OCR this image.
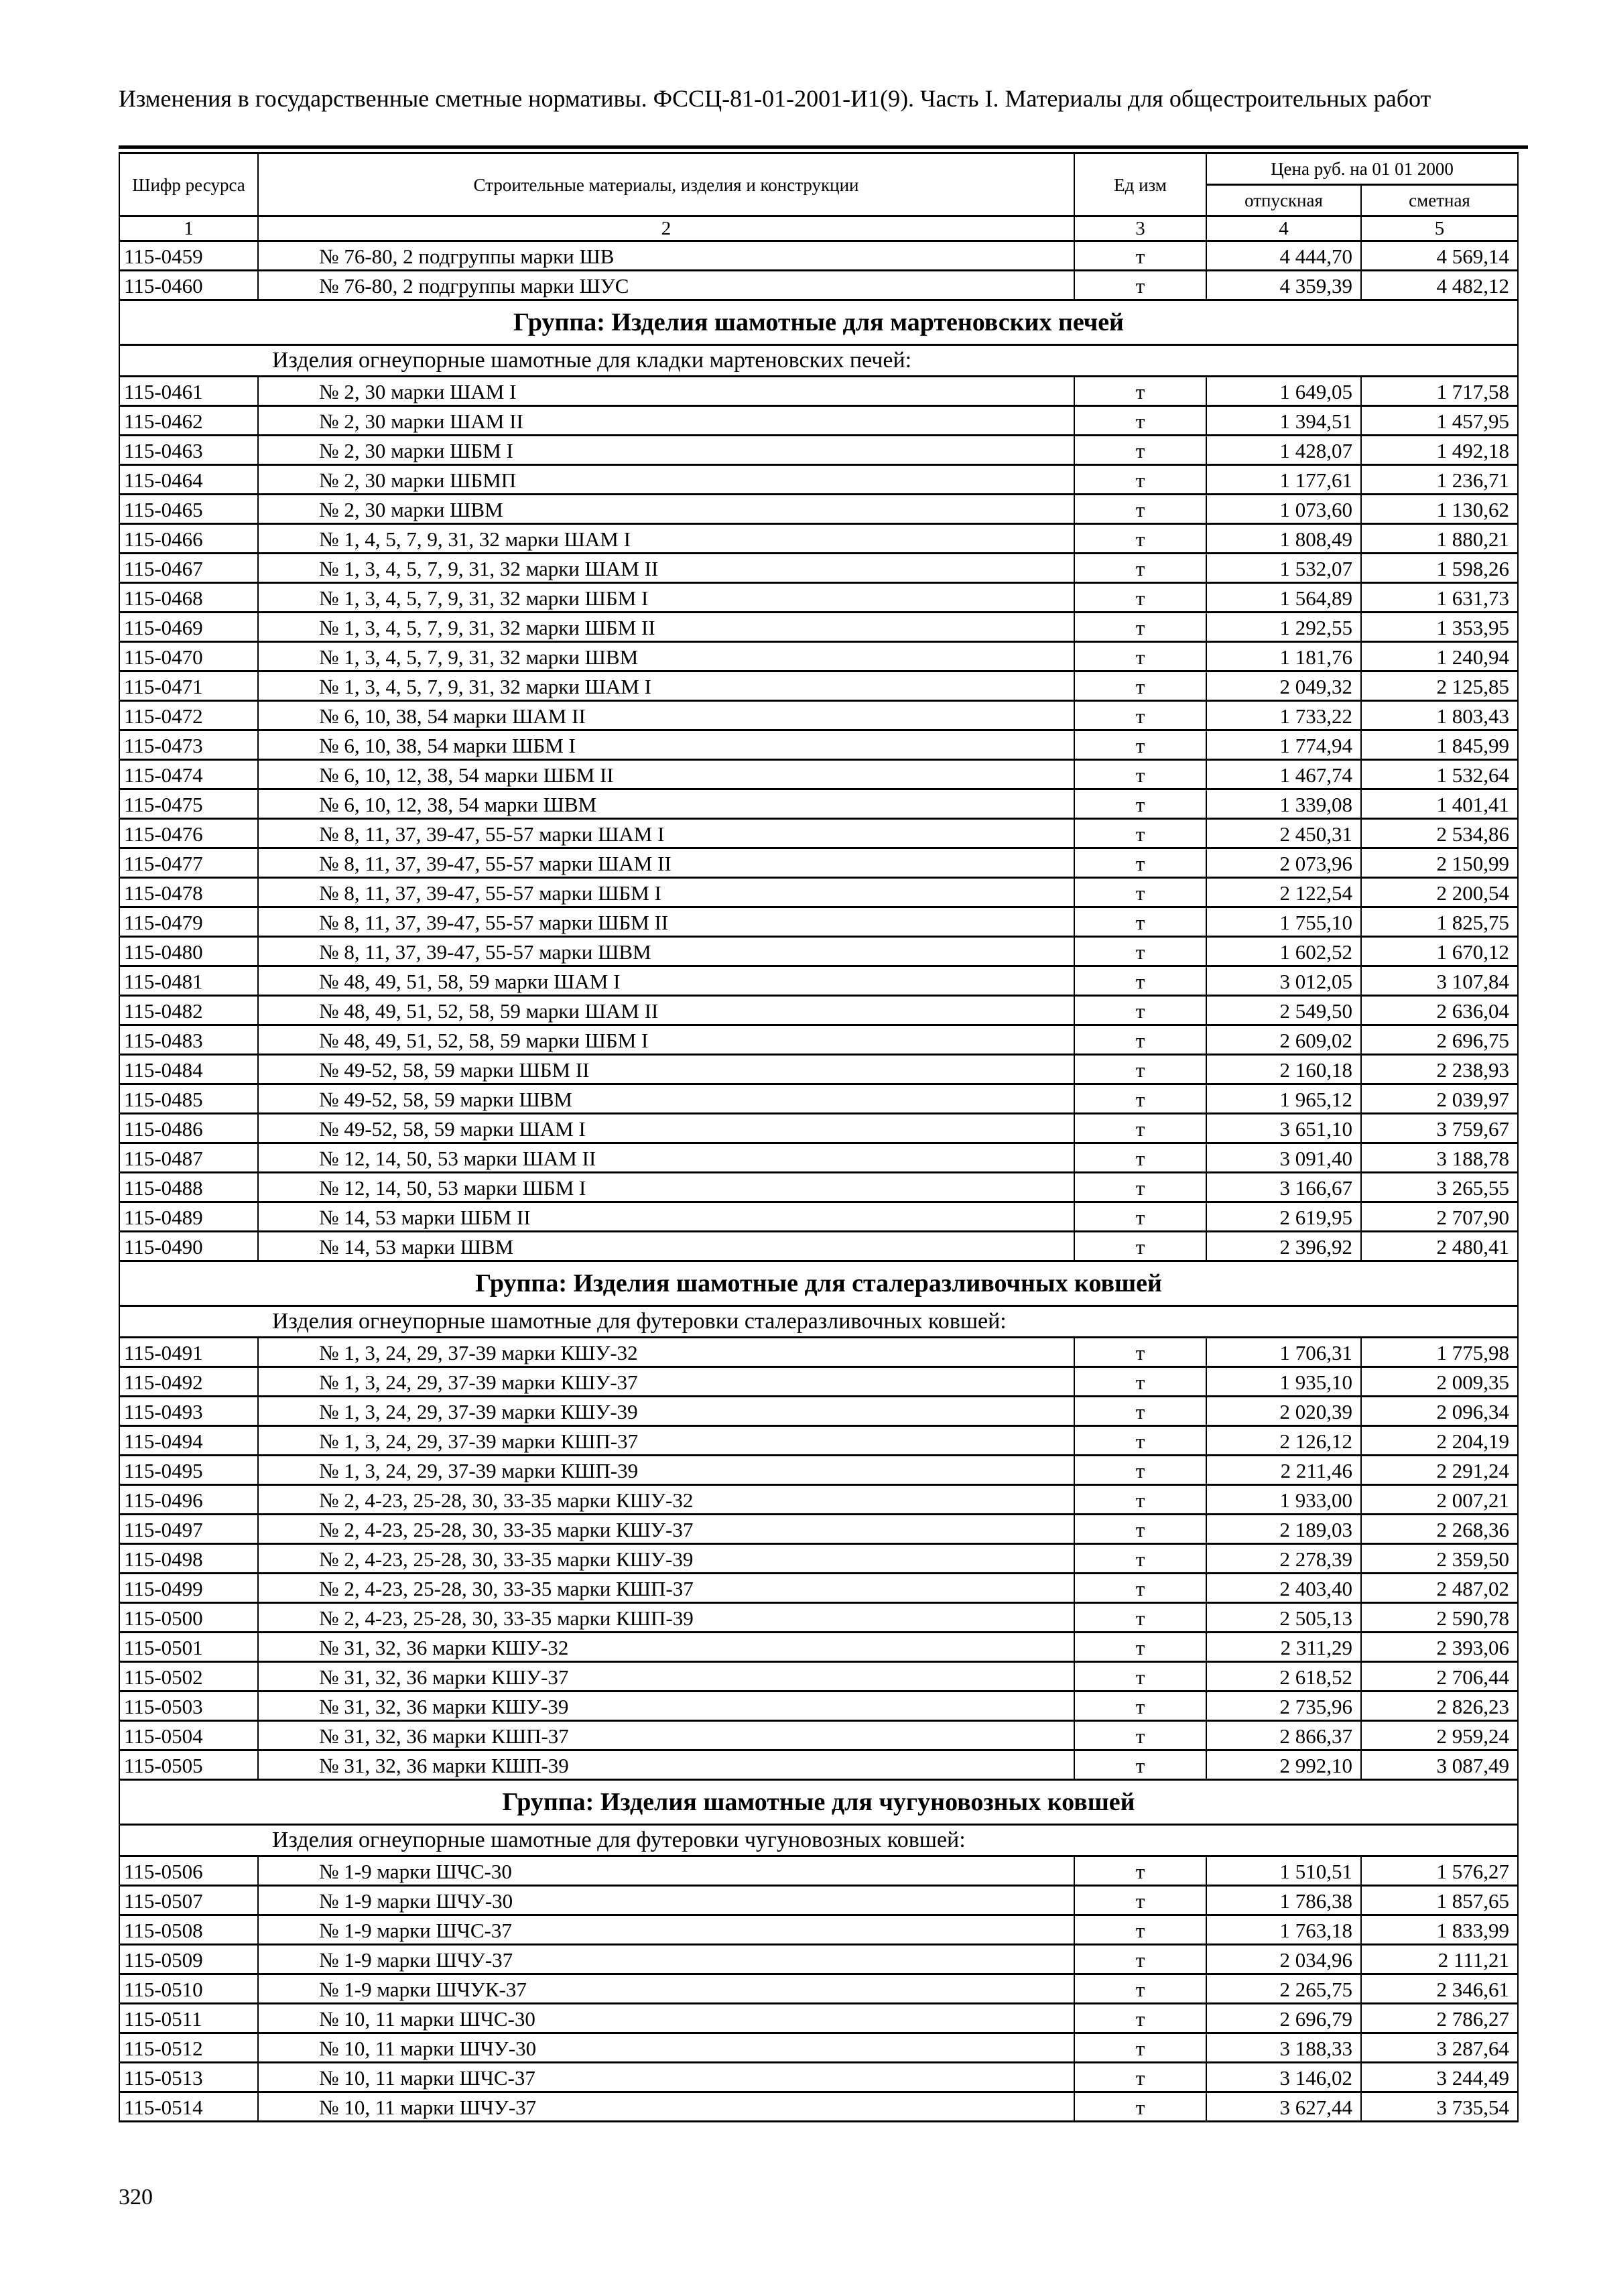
Изменения в государственные сметные нормативы. ФССЦ-81-01-2001-И1(9). Часть I. Материалы для общестроительных работ
Шифр ресурса	Строительные материалы, изделия и конструкции	Ед изм	Цена руб. на 01 01 2000	
			отпускная	сметная
1	2	3	4	5
115-0459	№ 76-80, 2 подгруппы марки ШВ	т	4 444,70	4 569,14
115-0460	№ 76-80, 2 подгруппы марки ШУС	т	4 359,39	4 482,12
Группа: Изделия шамотные для мартеновских печей				
Изделия огнеупорные шамотные для кладки мартеновских печей:				
115-0461	№ 2, 30 марки ШАМ I	т	1 649,05	1 717,58
115-0462	№ 2, 30 марки ШАМ II	т	1 394,51	1 457,95
115-0463	№ 2, 30 марки ШБМ I	т	1 428,07	1 492,18
115-0464	№ 2, 30 марки ШБМП	т	1 177,61	1 236,71
115-0465	№ 2, 30 марки ШВМ	т	1 073,60	1 130,62
115-0466	№ 1, 4, 5, 7, 9, 31, 32 марки ШАМ I	т	1 808,49	1 880,21
115-0467	№ 1, 3, 4, 5, 7, 9, 31, 32 марки ШАМ II	т	1 532,07	1 598,26
115-0468	№ 1, 3, 4, 5, 7, 9, 31, 32 марки ШБМ I	т	1 564,89	1 631,73
115-0469	№ 1, 3, 4, 5, 7, 9, 31, 32 марки ШБМ II	т	1 292,55	1 353,95
115-0470	№ 1, 3, 4, 5, 7, 9, 31, 32 марки ШВМ	т	1 181,76	1 240,94
115-0471	№ 1, 3, 4, 5, 7, 9, 31, 32 марки ШАМ I	т	2 049,32	2 125,85
115-0472	№ 6, 10, 38, 54 марки ШАМ II	т	1 733,22	1 803,43
115-0473	№ 6, 10, 38, 54 марки ШБМ I	т	1 774,94	1 845,99
115-0474	№ 6, 10, 12, 38, 54 марки ШБМ II	т	1 467,74	1 532,64
115-0475	№ 6, 10, 12, 38, 54 марки ШВМ	т	1 339,08	1 401,41
115-0476	№ 8, 11, 37, 39-47, 55-57 марки ШАМ I	т	2 450,31	2 534,86
115-0477	№ 8, 11, 37, 39-47, 55-57 марки ШАМ II	т	2 073,96	2 150,99
115-0478	№ 8, 11, 37, 39-47, 55-57 марки ШБМ I	т	2 122,54	2 200,54
115-0479	№ 8, 11, 37, 39-47, 55-57 марки ШБМ II	т	1 755,10	1 825,75
115-0480	№ 8, 11, 37, 39-47, 55-57 марки ШВМ	т	1 602,52	1 670,12
115-0481	№ 48, 49, 51, 58, 59 марки ШАМ I	т	3 012,05	3 107,84
115-0482	№ 48, 49, 51, 52, 58, 59 марки ШАМ II	т	2 549,50	2 636,04
115-0483	№ 48, 49, 51, 52, 58, 59 марки ШБМ I	т	2 609,02	2 696,75
115-0484	№ 49-52, 58, 59 марки ШБМ II	т	2 160,18	2 238,93
115-0485	№ 49-52, 58, 59 марки ШВМ	т	1 965,12	2 039,97
115-0486	№ 49-52, 58, 59 марки ШАМ I	т	3 651,10	3 759,67
115-0487	№ 12, 14, 50, 53 марки ШАМ II	т	3 091,40	3 188,78
115-0488	№ 12, 14, 50, 53 марки ШБМ I	т	3 166,67	3 265,55
115-0489	№ 14, 53 марки ШБМ II	т	2 619,95	2 707,90
115-0490	№ 14, 53 марки ШВМ	т	2 396,92	2 480,41
Группа: Изделия шамотные для сталеразливочных ковшей				
Изделия огнеупорные шамотные для футеровки сталеразливочных ковшей:				
115-0491	№ 1, 3, 24, 29, 37-39 марки КШУ-32	т	1 706,31	1 775,98
115-0492	№ 1, 3, 24, 29, 37-39 марки КШУ-37	т	1 935,10	2 009,35
115-0493	№ 1, 3, 24, 29, 37-39 марки КШУ-39	т	2 020,39	2 096,34
115-0494	№ 1, 3, 24, 29, 37-39 марки КШП-37	т	2 126,12	2 204,19
115-0495	№ 1, 3, 24, 29, 37-39 марки КШП-39	т	2 211,46	2 291,24
115-0496	№ 2, 4-23, 25-28, 30, 33-35 марки КШУ-32	т	1 933,00	2 007,21
115-0497	№ 2, 4-23, 25-28, 30, 33-35 марки КШУ-37	т	2 189,03	2 268,36
115-0498	№ 2, 4-23, 25-28, 30, 33-35 марки КШУ-39	т	2 278,39	2 359,50
115-0499	№ 2, 4-23, 25-28, 30, 33-35 марки КШП-37	т	2 403,40	2 487,02
115-0500	№ 2, 4-23, 25-28, 30, 33-35 марки КШП-39	т	2 505,13	2 590,78
115-0501	№ 31, 32, 36 марки КШУ-32	т	2 311,29	2 393,06
115-0502	№ 31, 32, 36 марки КШУ-37	т	2 618,52	2 706,44
115-0503	№ 31, 32, 36 марки КШУ-39	т	2 735,96	2 826,23
115-0504	№ 31, 32, 36 марки КШП-37	т	2 866,37	2 959,24
115-0505	№ 31, 32, 36 марки КШП-39	т	2 992,10	3 087,49
Группа: Изделия шамотные для чугуновозных ковшей				
Изделия огнеупорные шамотные для футеровки чугуновозных ковшей:				
115-0506	№ 1-9 марки ШЧС-30	т	1 510,51	1 576,27
115-0507	№ 1-9 марки ШЧУ-30	т	1 786,38	1 857,65
115-0508	№ 1-9 марки ШЧС-37	т	1 763,18	1 833,99
115-0509	№ 1-9 марки ШЧУ-37	т	2 034,96	2 111,21
115-0510	№ 1-9 марки ШЧУК-37	т	2 265,75	2 346,61
115-0511	№ 10, 11 марки ШЧС-30	т	2 696,79	2 786,27
115-0512	№ 10, 11 марки ШЧУ-30	т	3 188,33	3 287,64
115-0513	№ 10, 11 марки ШЧС-37	т	3 146,02	3 244,49
115-0514	№ 10, 11 марки ШЧУ-37	т	3 627,44	3 735,54
320
